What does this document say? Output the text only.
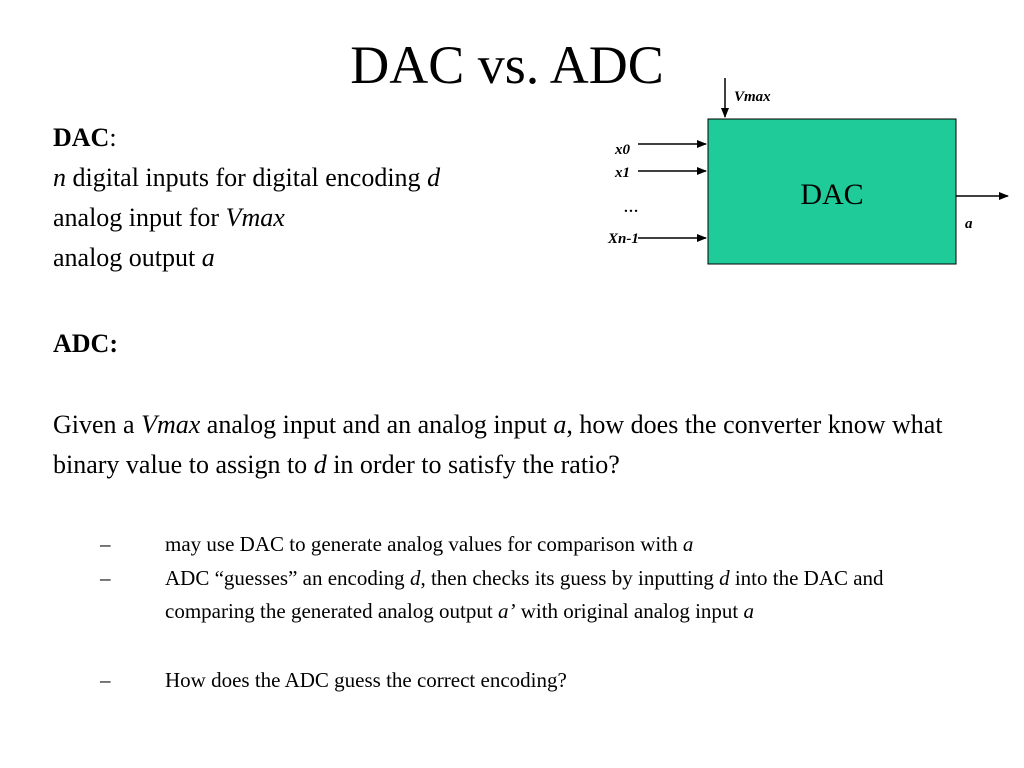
DAC vs. ADC
DAC:
n digital inputs for digital encoding d
analog input for Vmax
analog output a
ADC:
Given a Vmax analog input and an analog input a, how does the converter know what binary value to assign to d in order to satisfy the ratio?
–	may use DAC to generate analog values for comparison with a
–	ADC “guesses” an encoding d, then checks its guess by inputting d into the DAC and comparing the generated analog output a’ with original analog input a
–	How does the ADC guess the correct encoding?
DAC
Vmax
x0
x1
…
Xn-1
a
